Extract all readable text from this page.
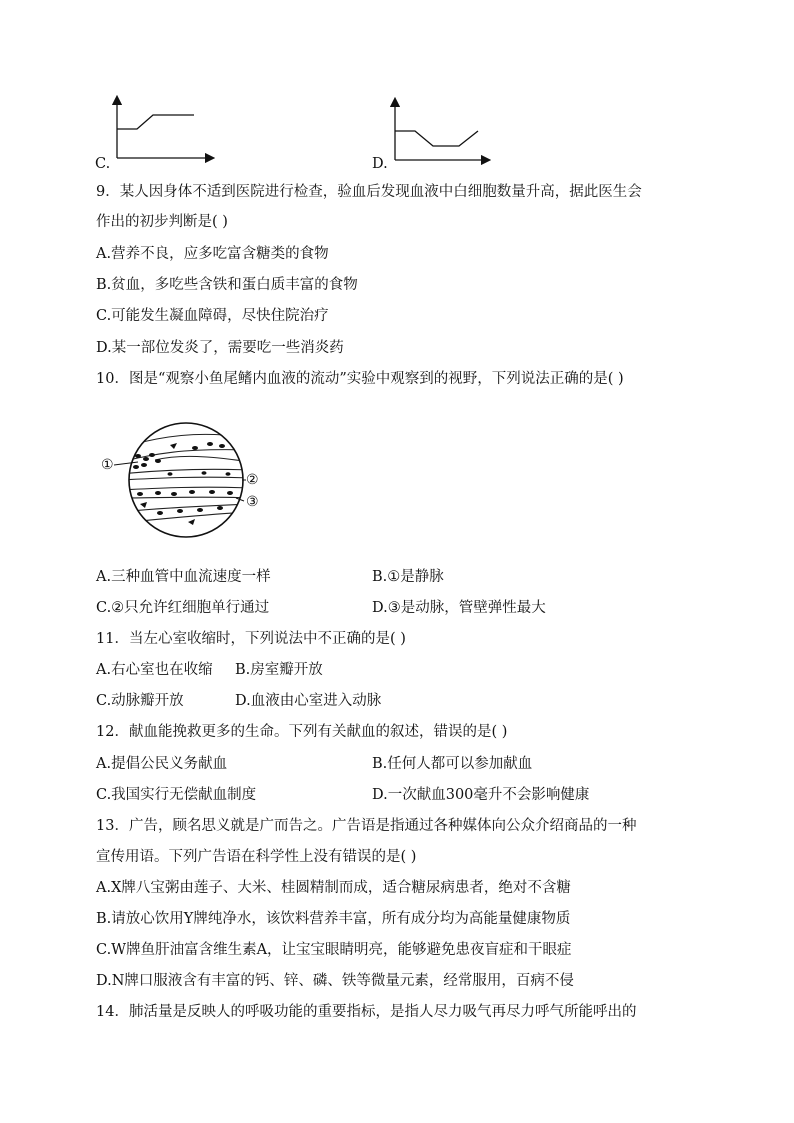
C.	D.
9．某人因身体不适到医院进行检查，验血后发现血液中白细胞数量升高，据此医生会
作出的初步判断是( )
A.营养不良，应多吃富含糖类的食物
B.贫血，多吃些含铁和蛋白质丰富的食物
C.可能发生凝血障碍，尽快住院治疗
D.某一部位发炎了，需要吃一些消炎药
10．图是“观察小鱼尾鳍内血液的流动”实验中观察到的视野，下列说法正确的是( )
①
②
③
A.三种血管中血流速度一样	B.①是静脉
C.②只允许红细胞单行通过	D.③是动脉，管壁弹性最大
11．当左心室收缩时，下列说法中不正确的是( )
A.右心室也在收缩 B.房室瓣开放
C.动脉瓣开放	D.血液由心室进入动脉
12．献血能挽救更多的生命。下列有关献血的叙述，错误的是( )
A.提倡公民义务献血	B.任何人都可以参加献血
C.我国实行无偿献血制度	D.一次献血300毫升不会影响健康
13．广告，顾名思义就是广而告之。广告语是指通过各种媒体向公众介绍商品的一种
宣传用语。下列广告语在科学性上没有错误的是( )
A.X牌八宝粥由莲子、大米、桂圆精制而成，适合糖尿病患者，绝对不含糖
B.请放心饮用Y牌纯净水，该饮料营养丰富，所有成分均为高能量健康物质
C.W牌鱼肝油富含维生素A，让宝宝眼睛明亮，能够避免患夜盲症和干眼症
D.N牌口服液含有丰富的钙、锌、磷、铁等微量元素，经常服用，百病不侵
14．肺活量是反映人的呼吸功能的重要指标，是指人尽力吸气再尽力呼气所能呼出的
